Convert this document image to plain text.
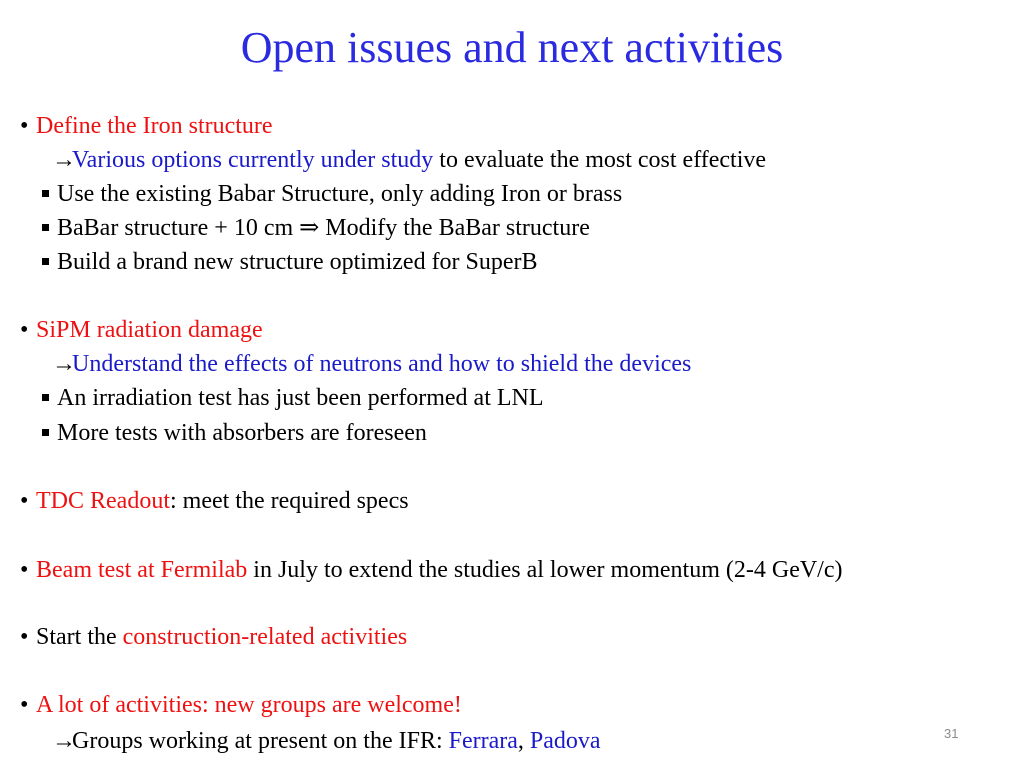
Open issues and next activities
• Define the Iron structure
→Various options currently under study to evaluate the most cost effective
Use the existing Babar Structure, only adding Iron or brass
BaBar structure + 10 cm ⇒ Modify the BaBar structure
Build a brand new structure optimized for SuperB
• SiPM radiation damage
→Understand the effects of neutrons and how to shield the devices
An irradiation test has just been performed at LNL
More tests with absorbers are foreseen
• TDC Readout: meet the required specs
• Beam test at Fermilab in July to extend the studies al lower momentum (2-4 GeV/c)
• Start the construction-related activities
• A lot of activities: new groups are welcome!
→Groups working at present on the IFR: Ferrara, Padova	31
